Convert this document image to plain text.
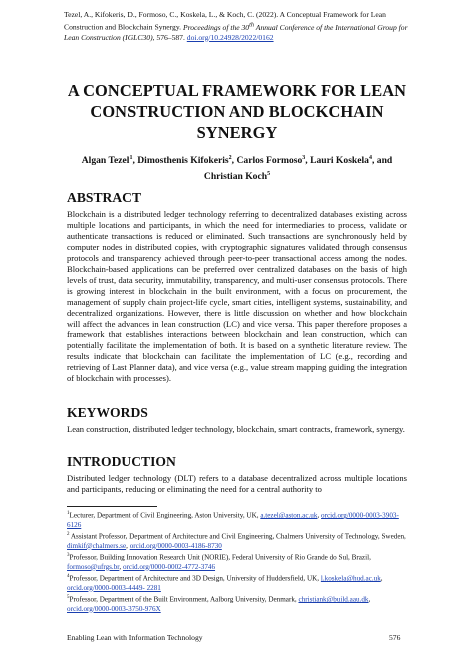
Tezel, A., Kifokeris, D., Formoso, C., Koskela, L., & Koch, C. (2022). A Conceptual Framework for Lean Construction and Blockchain Synergy. Proceedings of the 30th Annual Conference of the International Group for Lean Construction (IGLC30), 576–587. doi.org/10.24928/2022/0162
A CONCEPTUAL FRAMEWORK FOR LEAN
CONSTRUCTION AND BLOCKCHAIN
SYNERGY
Algan Tezel$^1$, Dimosthenis Kifokeris$^2$, Carlos Formoso$^3$, Lauri Koskela$^4$, and
Christian Koch$^5$
ABSTRACT

Blockchain is a distributed ledger technology referring to decentralized databases existing across multiple locations and participants, in which the need for intermediaries to process, validate or authenticate transactions is reduced or eliminated. Such transactions are synchronously held by computer nodes in distributed copies, with cryptographic signatures validated through consensus protocols and transparency achieved through peer-to-peer transactional access among the nodes. Blockchain-based applications can be preferred over centralized databases on the basis of high levels of trust, data security, immutability, transparency, and multi-user consensus protocols. There is growing interest in blockchain in the built environment, with a focus on procurement, the management of supply chain project-life cycle, smart cities, intelligent systems, sustainability, and decentralized organizations. However, there is little discussion on whether and how blockchain will affect the advances in lean construction (LC) and vice versa. This paper therefore proposes a framework that establishes interactions between blockchain and lean construction, which can potentially facilitate the implementation of both. It is based on a synthetic literature review. The results indicate that blockchain can facilitate the implementation of LC (e.g., recording and retrieving of Last Planner data), and vice versa (e.g., value stream mapping guiding the integration of blockchain with processes).

KEYWORDS

Lean construction, distributed ledger technology, blockchain, smart contracts, framework, synergy.

INTRODUCTION

Distributed ledger technology (DLT) refers to a database decentralized across multiple locations and participants, reducing or eliminating the need for a central authority to

$^1$Lecturer, Department of Civil Engineering, Aston University, UK, a.tezel@aston.ac.uk, orcid.org/0000-0003-3903-6126
$^2$ Assistant Professor, Department of Architecture and Civil Engineering, Chalmers University of Technology, Sweden, dimkif@chalmers.se, orcid.org/0000-0003-4186-8730
$^3$Professor, Building Innovation Research Unit (NORIE), Federal University of Rio Grande do Sul, Brazil, formoso@ufrgs.br, orcid.org/0000-0002-4772-3746
$^4$Professor, Department of Architecture and 3D Design, University of Huddersfield, UK, l.koskela@hud.ac.uk, orcid.org/0000-0003-4449- 2281
$^5$Professor, Department of the Built Environment, Aalborg University, Denmark, christiank@build.aau.dk, orcid.org/0000-0003-3750-976X
Enabling Lean with Information Technology	576
